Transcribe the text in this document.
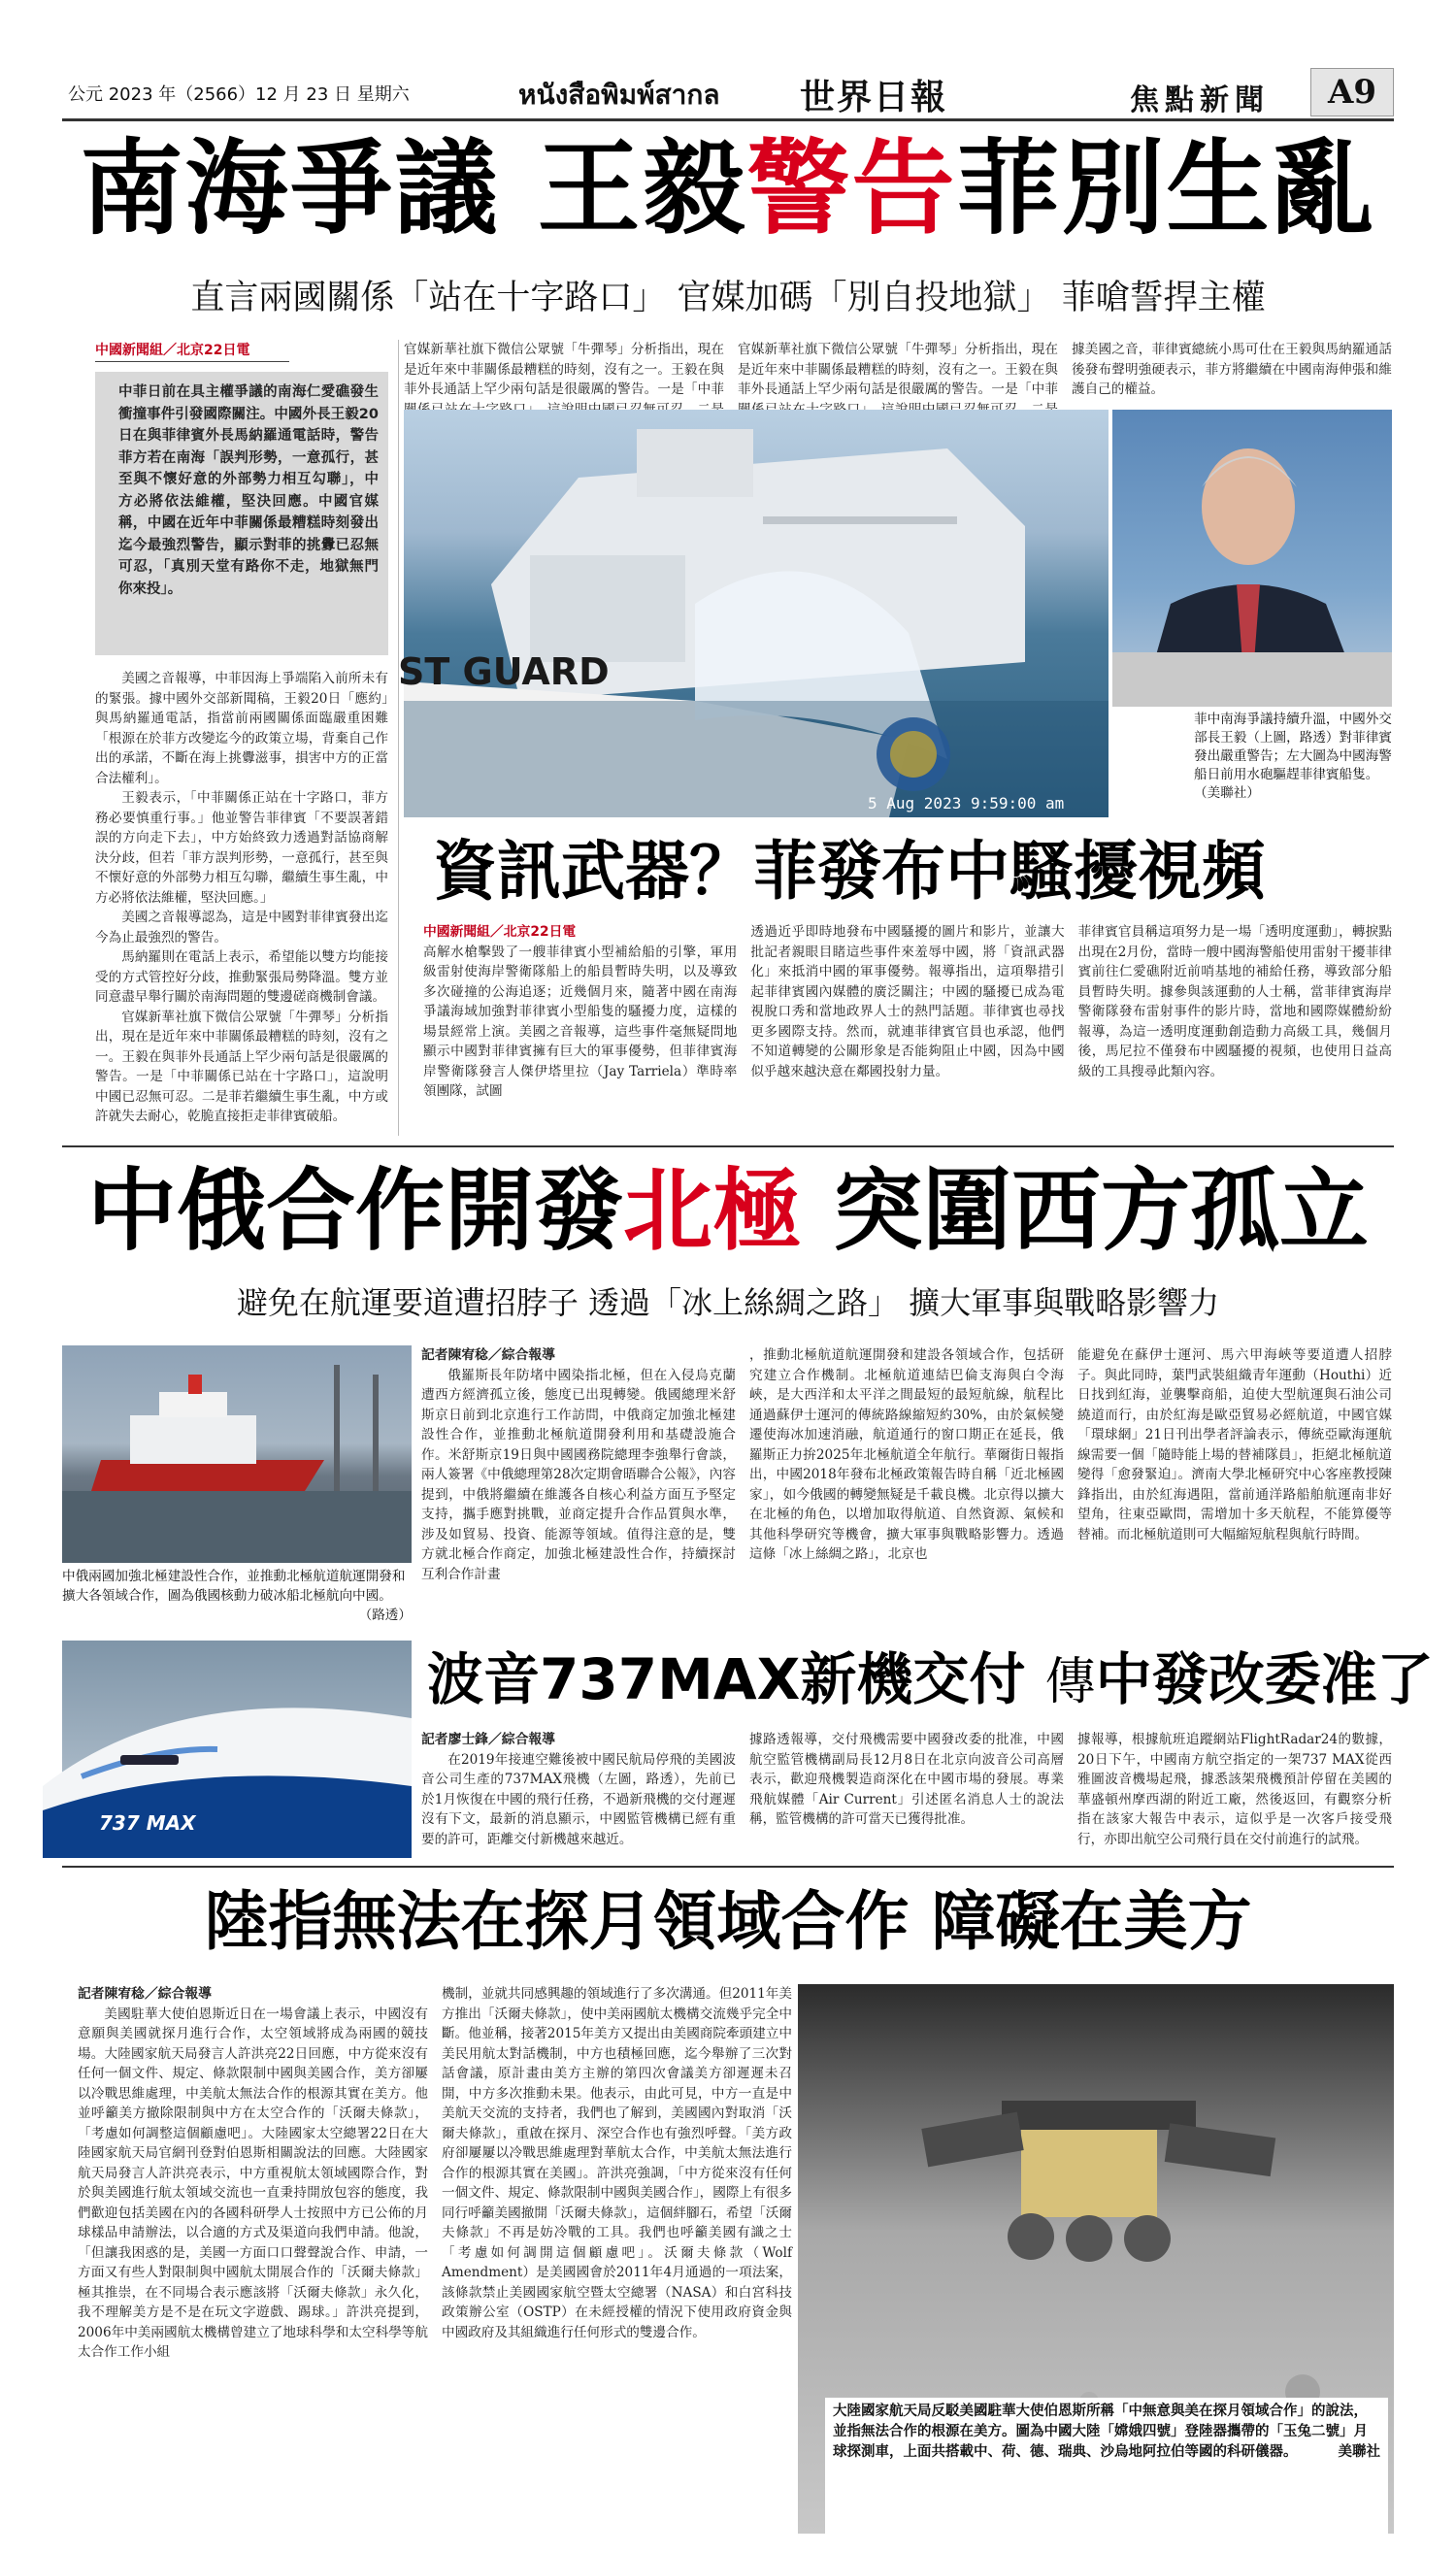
公元 2023 年（2566）12 月 23 日 星期六	หนังสือพิมพ์สากล 世界日報	焦點新聞	A9
南海爭議 王毅警告菲別生亂
直言兩國關係「站在十字路口」 官媒加碼「別自投地獄」 菲嗆誓捍主權
中國新聞組／北京22日電
中菲日前在具主權爭議的南海仁愛礁發生衝撞事件引發國際關注。中國外長王毅20日在與菲律賓外長馬納羅通電話時，警告菲方若在南海「誤判形勢，一意孤行，甚至與不懷好意的外部勢力相互勾聯」，中方必將依法維權，堅決回應。中國官媒稱，中國在近年中菲關係最糟糕時刻發出迄今最強烈警告，顯示對菲的挑釁已忍無可忍，「真別天堂有路你不走，地獄無門你來投」。

美國之音報導，中菲因海上爭端陷入前所未有的緊張。據中國外交部新聞稿，王毅20日「應約」與馬納羅通電話，指當前兩國關係面臨嚴重困難「根源在於菲方改變迄今的政策立場，背棄自己作出的承諾，不斷在海上挑釁滋事，損害中方的正當合法權利」。

王毅表示，「中菲關係正站在十字路口，菲方務必要慎重行事。」他並警告菲律賓「不要誤著錯誤的方向走下去」，中方始終致力透過對話協商解決分歧，但若「菲方誤判形勢，一意孤行，甚至與不懷好意的外部勢力相互勾聯，繼續生事生亂，中方必將依法維權，堅決回應。」

美國之音報導認為，這是中國對菲律賓發出迄今為止最強烈的警告。

馬納羅則在電話上表示，希望能以雙方均能接受的方式管控好分歧，推動緊張局勢降溫。雙方並同意盡早舉行關於南海問題的雙邊磋商機制會議。

官媒新華社旗下微信公眾號「牛彈琴」分析指出，現在是近年來中菲關係最糟糕的時刻，沒有之一。王毅在與菲外長通話上罕少兩句話是很嚴厲的警告。一是「中菲關係已站在十字路口」，這說明中國已忍無可忍。二是菲若繼續生事生亂，中方或許就失去耐心，乾脆直接拒走菲律賓破船。

官媒新華社旗下微信公眾號「牛彈琴」分析指出，現在是近年來中菲關係最糟糕的時刻，沒有之一。王毅在與菲外長通話上罕少兩句話是很嚴厲的警告。一是「中菲

官媒新華社旗下微信公眾號「牛彈琴」分析指出，現在是近年來中菲關係最糟糕的時刻，沒有之一。王毅在與菲外長通話上罕少兩句話是很嚴厲的警告。一是「中菲

據美國之音，菲律賓總統小馬可仕在王毅與馬納羅通話後發布聲明強硬表示，菲方將繼續在中國南海伸張和維護自己的權益。

ST GUARD
5 Aug 2023 9:59:00 am
菲中南海爭議持續升溫，中國外交部長王毅（上圖，路透）對菲律賓發出嚴重警告；左大圖為中國海警船日前用水砲驅趕菲律賓船隻。 （美聯社）
資訊武器？菲發布中騷擾視頻
中國新聞組／北京22日電

高解水槍擊毀了一艘菲律賓小型補給船的引擎，軍用級雷射使海岸警衛隊船上的船員暫時失明，以及導致多次碰撞的公海追逐；近幾個月來，隨著中國在南海爭議海域加強對菲律賓小型船隻的騷擾力度，這樣的場景經常上演。美國之音報導，這些事件毫無疑問地顯示中國對菲律賓擁有巨大的軍事優勢，但菲律賓海岸警衛隊發言人傑伊塔里拉（Jay Tarriela）準時率領團隊，試圖

透過近乎即時地發布中國騷擾的圖片和影片，並讓大批記者親眼目睹這些事件來羞辱中國，將「資訊武器化」來抵消中國的軍事優勢。報導指出，這項舉措引起菲律賓國內媒體的廣泛關注；中國的騷擾已成為電視脫口秀和當地政界人士的熱門話題。菲律賓也尋找更多國際支持。然而，就連菲律賓官員也承認，他們不知道轉變的公關形象是否能夠阻止中國，因為中國似乎越來越決意在鄰國投射力量。

菲律賓官員稱這項努力是一場「透明度運動」，轉捩點出現在2月份，當時一艘中國海警船使用雷射干擾菲律賓前往仁愛礁附近前哨基地的補給任務，導致部分船員暫時失明。據參與該運動的人士稱，當菲律賓海岸警衛隊發布雷射事件的影片時，當地和國際媒體紛紛報導，為這一透明度運動創造動力高級工具，幾個月後，馬尼拉不僅發布中國騷擾的視頻，也使用日益高級的工具搜尋此類內容。

中俄合作開發北極 突圍西方孤立
避免在航運要道遭招脖子 透過「冰上絲綢之路」 擴大軍事與戰略影響力
中俄兩國加強北極建設性合作，並推動北極航道航運開發和擴大各領域合作，圖為俄國核動力破冰船北極航向中國。
（路透）
記者陳宥稔／綜合報導

俄羅斯長年防堵中國染指北極，但在入侵烏克蘭遭西方經濟孤立後，態度已出現轉變。俄國總理米舒斯京日前到北京進行工作訪問，中俄商定加強北極建設性合作，並推動北極航道開發利用和基礎設施合作。米舒斯京19日與中國國務院總理李強舉行會談，兩人簽署《中俄總理第28次定期會晤聯合公報》，內容提到，中俄將繼續在維護各自核心利益方面互予堅定支持，攜手應對挑戰，並商定提升合作品質與水準，涉及如貿易、投資、能源等領域。值得注意的是，雙方就北極合作商定，加強北極建設性合作，持續探討互利合作計畫

，推動北極航道航運開發和建設各領域合作，包括研究建立合作機制。北極航道連結巴倫支海與白令海峽，是大西洋和太平洋之間最短的最短航線，航程比通過蘇伊士運河的傳統路線縮短約30%，由於氣候變遷使海冰加速消融，航道通行的窗口期正在延長，俄羅斯正力拚2025年北極航道全年航行。華爾街日報指出，中國2018年發布北極政策報告時自稱「近北極國家」，如今俄國的轉變無疑是千載良機。北京得以擴大在北極的角色，以增加取得航道、自然資源、氣候和其他科學研究等機會，擴大軍事與戰略影響力。透過這條「冰上絲綢之路」，北京也

能避免在蘇伊士運河、馬六甲海峽等要道遭人招脖子。與此同時，葉門武裝組織青年運動（Houthi）近日找到紅海，並襲擊商船，迫使大型航運與石油公司繞道而行，由於紅海是歐亞貿易必經航道，中國官媒「環球網」21日刊出學者評論表示，傳統亞歐海運航線需要一個「隨時能上場的替補隊員」，拒絕北極航道變得「愈發緊迫」。濟南大學北極研究中心客座教授陳鋒指出，由於紅海遇阻，當前通洋路船舶航運南非好望角，往東亞歐問，需增加十多天航程，不能算優等替補。而北極航道則可大幅縮短航程與航行時間。

737 MAX
波音737MAX新機交付 傳中發改委准了
記者廖士鋒／綜合報導

在2019年接連空難後被中國民航局停飛的美國波音公司生產的737MAX飛機（左圖，路透），先前已於1月恢復在中國的飛行任務，不過新飛機的交付遲遲沒有下文，最新的消息顯示，中國監管機構已經有重要的許可，距離交付新機越來越近。

據路透報導，交付飛機需要中國發改委的批准，中國航空監管機構副局長12月8日在北京向波音公司高層表示，歡迎飛機製造商深化在中國市場的發展。專業飛航媒體「Air Current」引述匿名消息人士的說法稱，監管機構的許可當天已獲得批准。

據報導，根據航班追蹤網站FlightRadar24的數據，20日下午，中國南方航空指定的一架737 MAX從西雅圖波音機場起飛，據悉該架飛機預計停留在美國的華盛頓州摩西湖的附近工廠，然後返回，有觀察分析指在該家大報告中表示，這似乎是一次客戶接受飛行，亦即出航空公司飛行員在交付前進行的試飛。

陸指無法在探月領域合作 障礙在美方
記者陳宥稔／綜合報導

美國駐華大使伯恩斯近日在一場會議上表示，中國沒有意願與美國就探月進行合作，太空領域將成為兩國的競技場。大陸國家航天局發言人許洪亮22日回應，中方從來沒有任何一個文件、規定、條款限制中國與美國合作，美方卻屢以冷戰思維處理，中美航太無法合作的根源其實在美方。他並呼籲美方撤除限制與中方在太空合作的「沃爾夫條款」，「考慮如何調整這個顧慮吧」。大陸國家太空總署22日在大陸國家航天局官網刊登對伯恩斯相關說法的回應。大陸國家航天局發言人許洪亮表示，中方重視航太領域國際合作，對於與美國進行航太領域交流也一直秉持開放包容的態度，我們歡迎包括美國在內的各國科研學人士按照中方已公佈的月球樣品申請辦法，以合適的方式及渠道向我們申請。他說，「但讓我困惑的是，美國一方面口口聲聲說合作、申請，一方面又有些人對限制與中國航太開展合作的「沃爾夫條款」極其推崇，在不同場合表示應該將「沃爾夫條款」永久化，我不理解美方是不是在玩文字遊戲、踢球。」許洪亮提到，2006年中美兩國航太機構曾建立了地球科學和太空科學等航太合作工作小組

機制，並就共同感興趣的領域進行了多次溝通。但2011年美方推出「沃爾夫條款」，使中美兩國航太機構交流幾乎完全中斷。他並稱，接著2015年美方又提出由美國商院牽頭建立中美民用航太對話機制，中方也積極回應，迄今舉辦了三次對話會議，原計畫由美方主辦的第四次會議美方卻遲遲未召開，中方多次推動未果。他表示，由此可見，中方一直是中美航天交流的支持者，我們也了解到，美國國內對取消「沃爾夫條款」，重啟在探月、深空合作也有強烈呼聲。「美方政府卻屢屢以冷戰思維處理對華航太合作，中美航太無法進行合作的根源其實在美國」。許洪亮強調，「中方從來沒有任何一個文件、規定、條款限制中國與美國合作」，國際上有很多同行呼籲美國撤開「沃爾夫條款」，這個絆腳石，希望「沃爾夫條款」不再是妨冷戰的工具。我們也呼籲美國有識之士「考慮如何調開這個顧慮吧」。沃爾夫條款（Wolf Amendment）是美國國會於2011年4月通過的一項法案，該條款禁止美國國家航空暨太空總署（NASA）和白宮科技政策辦公室（OSTP）在未經授權的情況下使用政府資金與中國政府及其組織進行任何形式的雙邊合作。

大陸國家航天局反駁美國駐華大使伯恩斯所稱「中無意與美在探月領域合作」的說法，並指無法合作的根源在美方。圖為中國大陸「嫦娥四號」登陸器攜帶的「玉兔二號」月球探測車，上面共搭載中、荷、德、瑞典、沙烏地阿拉伯等國的科研儀器。	美聯社
